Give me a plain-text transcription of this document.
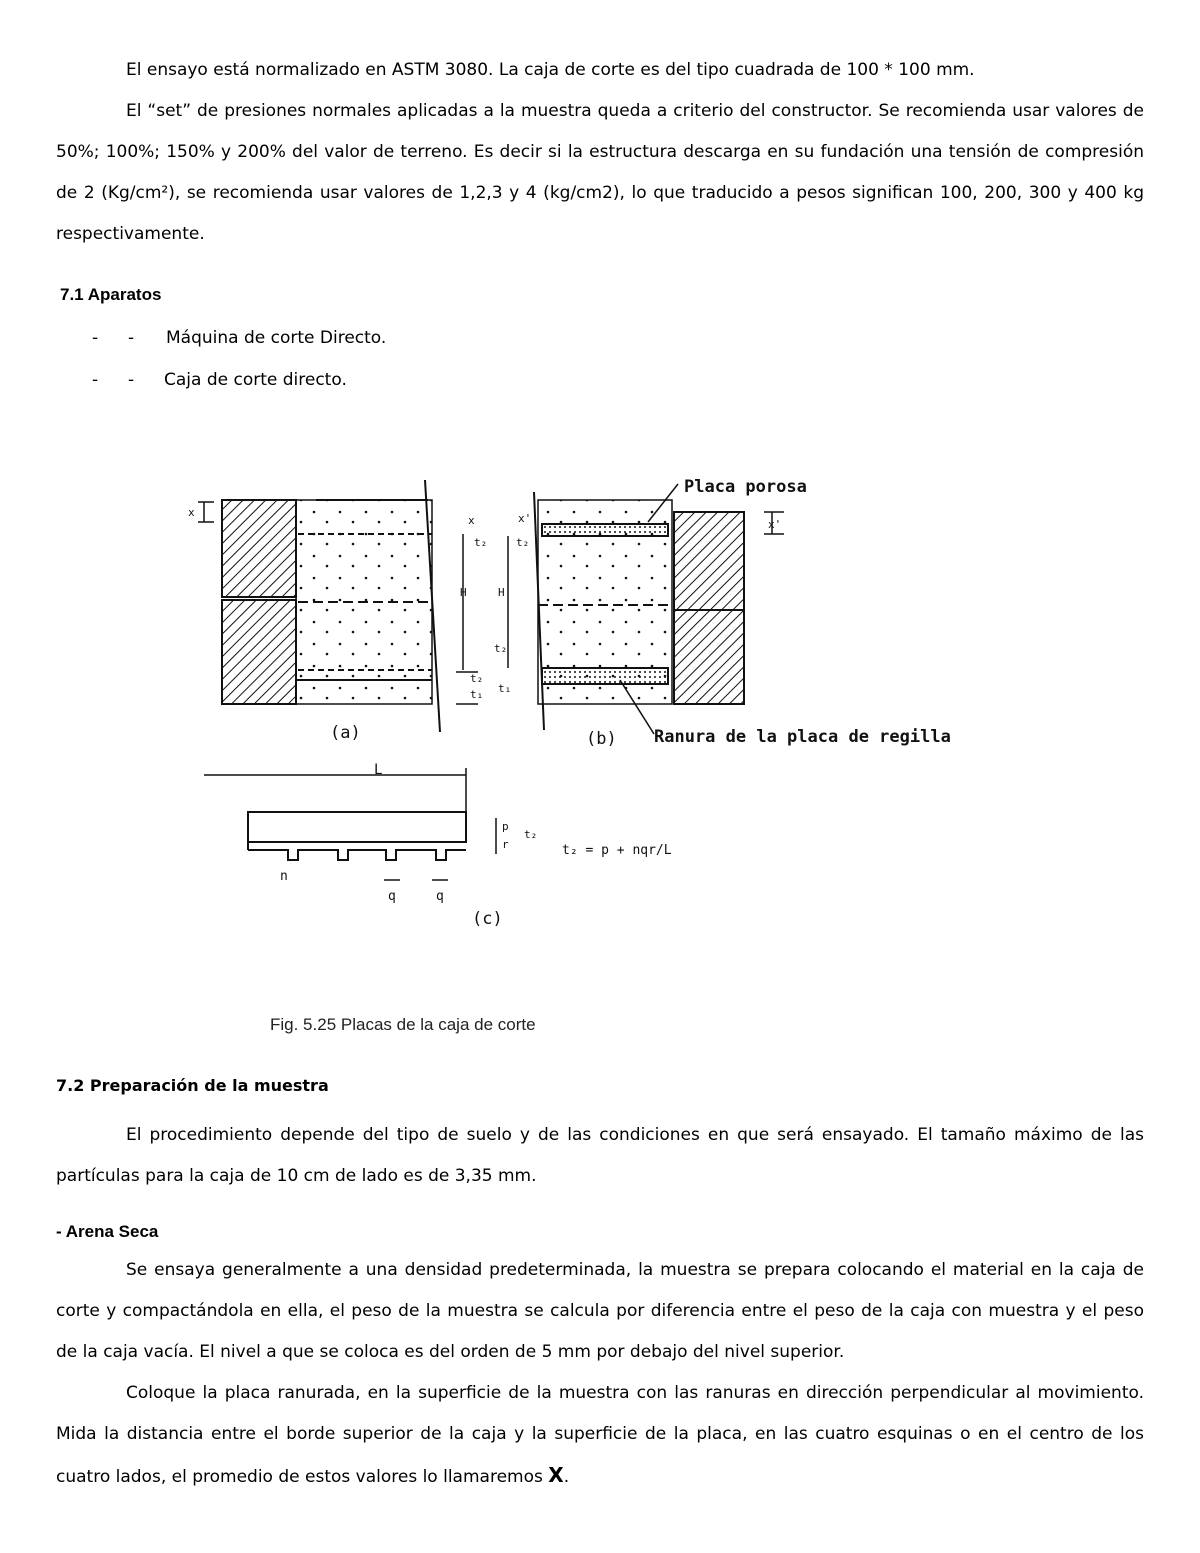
El ensayo está normalizado en ASTM 3080. La caja de corte es del tipo cuadrada de 100 * 100 mm.
El “set” de presiones normales aplicadas a la muestra queda a criterio del constructor. Se recomienda usar valores de 50%; 100%; 150% y 200% del valor de terreno. Es decir si la estructura descarga en su fundación una tensión de compresión de 2 (Kg/cm²), se recomienda usar valores de 1,2,3 y 4 (kg/cm2), lo que traducido a pesos significan 100, 200, 300 y 400 kg respectivamente.
7.1 Aparatos
- - Máquina de corte Directo.
- - Caja de corte directo.
Placa porosa
Ranura de la placa de regilla
(a)	(b)
(c)
L
n
q	q
t₂ = p + nqr/L
x
x
t₂
H
t₂
t₁
x'
t₂
H'
t₂
t₁
x'
p
r
t₂
Fig. 5.25 Placas de la caja de corte
7.2 Preparación de la muestra
El procedimiento depende del tipo de suelo y de las condiciones en que será ensayado. El tamaño máximo de las partículas para la caja de 10 cm de lado es de 3,35 mm.
- Arena Seca
Se ensaya generalmente a una densidad predeterminada, la muestra se prepara colocando el material en la caja de corte y compactándola en ella, el peso de la muestra se calcula por diferencia entre el peso de la caja con muestra y el peso de la caja vacía. El nivel a que se coloca es del orden de 5 mm por debajo del nivel superior.
Coloque la placa ranurada, en la superficie de la muestra con las ranuras en dirección perpendicular al movimiento. Mida la distancia entre el borde superior de la caja y la superficie de la placa, en las cuatro esquinas o en el centro de los cuatro lados, el promedio de estos valores lo llamaremos X.
